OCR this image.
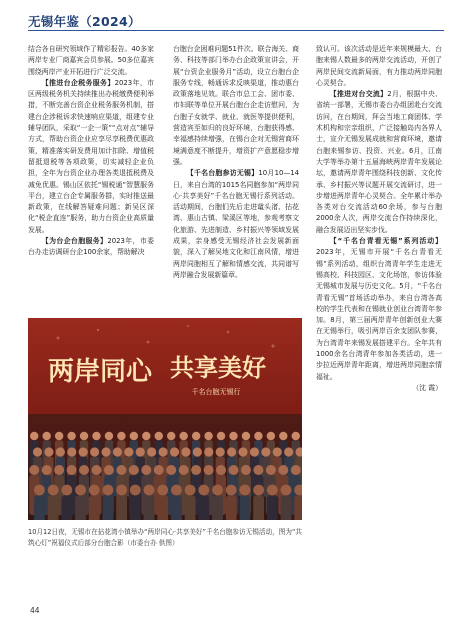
无锡年鉴（2024）

结合各自研究领域作了精彩报告。40多家两岸专业厂商嘉宾会员参展。50多位嘉宾围绕两岸产业开拓进行广泛交流。

【推进台企税务服务】2023年，市区两级税务机关持续推出办税缴费便利举措，不断完善台资企业税务服务机制，搭建台企涉税诉求快速响应渠道，组建专业辅导团队，采取“一企一策”“点对点”辅导方式，帮助台资企业应享尽享税费优惠政策，精准落实研发费用加计扣除、增值税留抵退税等各项政策，切实减轻企业负担，全年为台资企业办理各类退抵税费及减免优惠。锡山区依托“锡税通”智慧服务平台，建立台企专属服务群，实时推送最新政策，在线解答疑难问题；新吴区深化“税企直连”服务，助力台资企业高质量发展。

【为台企台胞服务】2023年，市委台办走访调研台企100余家，帮助解决

台胞台企困难问题51件次。联合海关、商务、科技等部门举办台企政策宣讲会，开展“台资企业服务月”活动，设立台胞台企服务专线，畅通诉求反映渠道，推动惠台政策落地见效。联合市总工会、团市委、市妇联等单位开展台胞台企走访慰问，为台胞子女就学、就业、就医等提供便利，营造宾至如归的良好环境，台胞获得感、幸福感持续增强，在锡台企对无锡营商环境满意度不断提升，增资扩产意愿稳步增强。

【千名台胞参访无锡】10月10—14日，来自台湾的1015名同胞参加“两岸同心·共享美好”千名台胞无锡行系列活动。活动期间，台胞们先后走进鼋头渚、拈花湾、惠山古镇、梁溪区等地，参观考察文化旅游、先进制造、乡村振兴等领域发展成果，亲身感受无锡经济社会发展新面貌，深入了解吴地文化和江南风情，增进两岸同胞相互了解和情感交流，共同谱写两岸融合发展新篇章。

致认可。该次活动是近年来规模最大、台胞来锡人数最多的两岸交流活动，开创了两岸民间交流新局面，有力推动两岸同胞心灵契合。

【推进对台交流】2月，根据中央、省统一部署，无锡市委台办组团赴台交流访问，在台期间，拜会当地工商团体、学术机构和宗亲组织，广泛接触岛内各界人士，宣介无锡发展成就和营商环境，邀请台胞来锡参访、投资、兴业。6月，江南大学等举办第十五届海峡两岸青年发展论坛，邀请两岸青年围绕科技创新、文化传承、乡村振兴等议题开展交流研讨，进一步增进两岸青年心灵契合。全年累计举办各类对台交流活动60余场，参与台胞2000余人次，两岸交流合作持续深化，融合发展迈出坚实步伐。

【“千名台青看无锡”系列活动】2023年，无锡市开展“千名台青看无锡”系列活动，组织台湾青年学生走进无锡高校、科技园区、文化场馆，参访体验无锡城市发展与历史文化。5月，“千名台青看无锡”首场活动举办，来自台湾各高校的学生代表和在锡就业创业台湾青年参加。8月，第三届两岸青年创新创业大赛在无锡举行，吸引两岸百余支团队参赛，为台湾青年来锡发展搭建平台。全年共有1000余名台湾青年参加各类活动，进一步拉近两岸青年距离，增进两岸同胞亲情福祉。

（沈 霞）

两岸同心 共享美好
千名台胞无锡行
10月12日夜，无锡市在拈花湾小镇举办“两岸同心·共享美好”千名台胞参访无锡活动，图为“共筑心灯”祝福仪式后部分台胞合影（市委台办 供图）
44
